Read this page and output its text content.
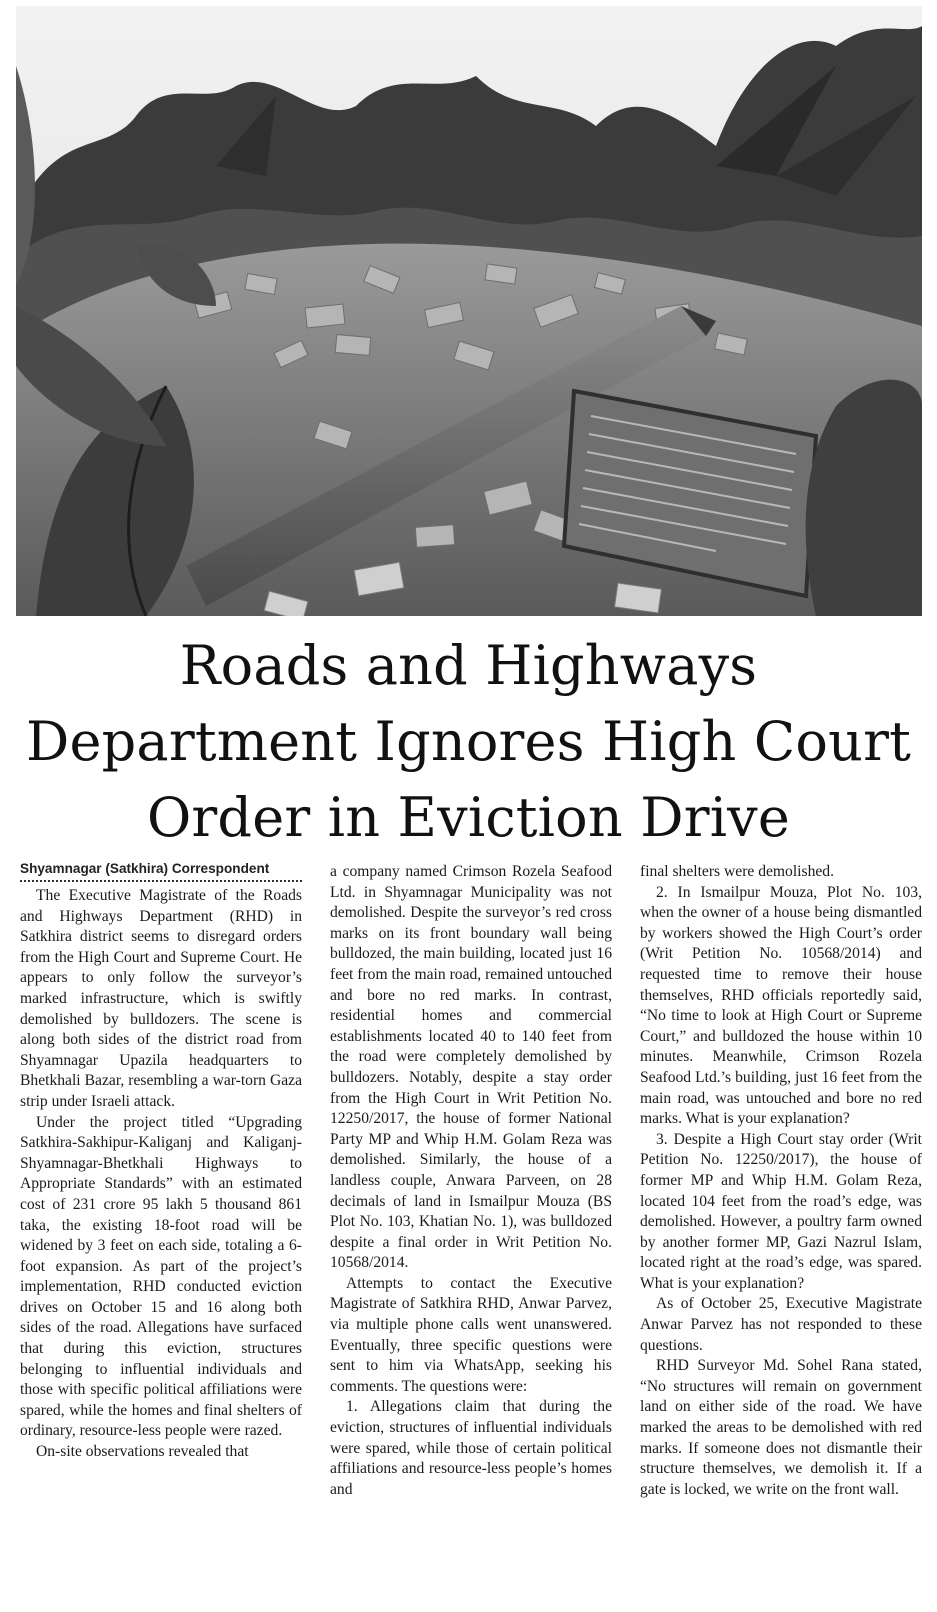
Roads and Highways Department Ignores High Court Order in Eviction Drive
Shyamnagar (Satkhira) Correspondent

The Executive Magistrate of the Roads and Highways Department (RHD) in Satkhira district seems to disregard orders from the High Court and Supreme Court. He appears to only follow the surveyor’s marked infrastructure, which is swiftly demolished by bulldozers. The scene is along both sides of the district road from Shyamnagar Upazila headquarters to Bhetkhali Bazar, resembling a war-torn Gaza strip under Israeli attack.

Under the project titled “Upgrading Satkhira-Sakhipur-Kaliganj and Kaliganj-Shyamnagar-Bhetkhali Highways to Appropriate Standards” with an estimated cost of 231 crore 95 lakh 5 thousand 861 taka, the existing 18-foot road will be widened by 3 feet on each side, totaling a 6-foot expansion. As part of the project’s implementation, RHD conducted eviction drives on October 15 and 16 along both sides of the road. Allegations have surfaced that during this eviction, structures belonging to influential individuals and those with specific political affiliations were spared, while the homes and final shelters of ordinary, resource-less people were razed.

On-site observations revealed that

a company named Crimson Rozela Seafood Ltd. in Shyamnagar Municipality was not demolished. Despite the surveyor’s red cross marks on its front boundary wall being bulldozed, the main building, located just 16 feet from the main road, remained untouched and bore no red marks. In contrast, residential homes and commercial establishments located 40 to 140 feet from the road were completely demolished by bulldozers. Notably, despite a stay order from the High Court in Writ Petition No. 12250/2017, the house of former National Party MP and Whip H.M. Golam Reza was demolished. Similarly, the house of a landless couple, Anwara Parveen, on 28 decimals of land in Ismailpur Mouza (BS Plot No. 103, Khatian No. 1), was bulldozed despite a final order in Writ Petition No. 10568/2014.

Attempts to contact the Executive Magistrate of Satkhira RHD, Anwar Parvez, via multiple phone calls went unanswered. Eventually, three specific questions were sent to him via WhatsApp, seeking his comments. The questions were:

1. Allegations claim that during the eviction, structures of influential individuals were spared, while those of certain political affiliations and resource-less people’s homes and

final shelters were demolished.

2. In Ismailpur Mouza, Plot No. 103, when the owner of a house being dismantled by workers showed the High Court’s order (Writ Petition No. 10568/2014) and requested time to remove their house themselves, RHD officials reportedly said, “No time to look at High Court or Supreme Court,” and bulldozed the house within 10 minutes. Meanwhile, Crimson Rozela Seafood Ltd.’s building, just 16 feet from the main road, was untouched and bore no red marks. What is your explanation?

3. Despite a High Court stay order (Writ Petition No. 12250/2017), the house of former MP and Whip H.M. Golam Reza, located 104 feet from the road’s edge, was demolished. However, a poultry farm owned by another former MP, Gazi Nazrul Islam, located right at the road’s edge, was spared. What is your explanation?

As of October 25, Executive Magistrate Anwar Parvez has not responded to these questions.

RHD Surveyor Md. Sohel Rana stated, “No structures will remain on government land on either side of the road. We have marked the areas to be demolished with red marks. If someone does not dismantle their structure themselves, we demolish it. If a gate is locked, we write on the front wall.
